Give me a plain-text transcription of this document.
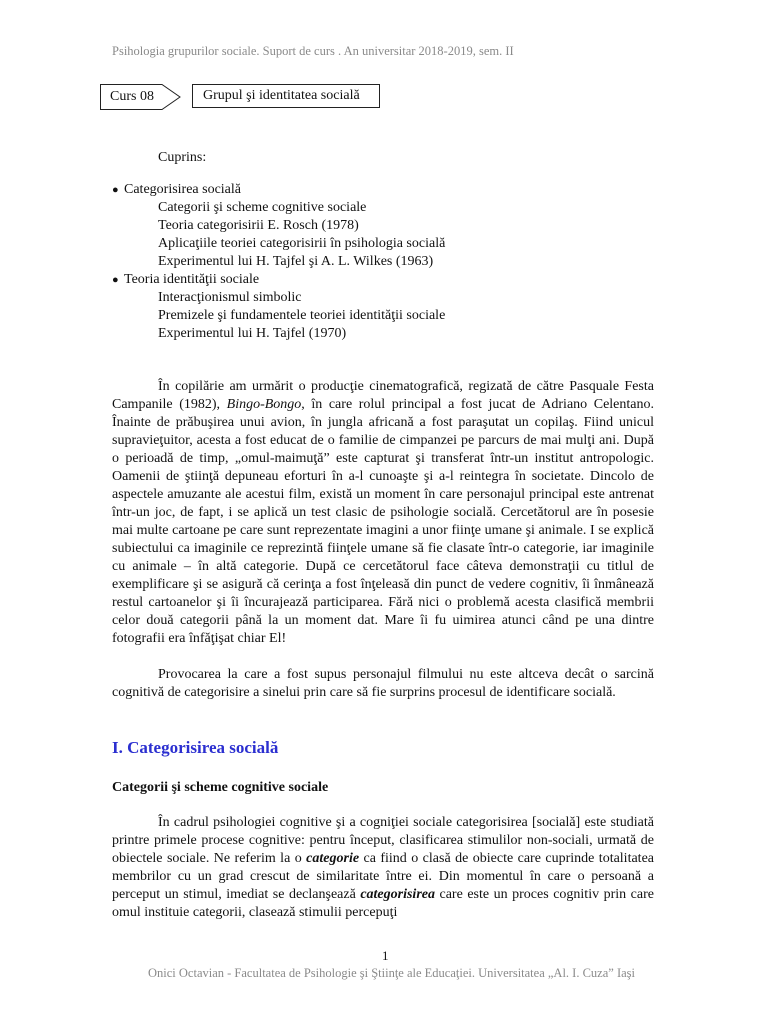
Psihologia grupurilor sociale. Suport de curs . An universitar 2018-2019, sem. II
Curs 08	Grupul şi identitatea socială
Cuprins:
● Categorisirea socială
Categorii şi scheme cognitive sociale
Teoria categorisirii E. Rosch (1978)
Aplicaţiile teoriei categorisirii în psihologia socială
Experimentul lui H. Tajfel şi A. L. Wilkes (1963)
● Teoria identităţii sociale
Interacţionismul simbolic
Premizele şi fundamentele teoriei identităţii sociale
Experimentul lui H. Tajfel (1970)

În copilărie am urmărit o producţie cinematografică, regizată de către Pasquale Festa Campanile (1982), Bingo-Bongo, în care rolul principal a fost jucat de Adriano Celentano. Înainte de prăbuşirea unui avion, în jungla africană a fost paraşutat un copilaş. Fiind unicul supravieţuitor, acesta a fost educat de o familie de cimpanzei pe parcurs de mai mulţi ani. După o perioadă de timp, „omul-maimuţă” este capturat şi transferat într-un institut antropologic. Oamenii de ştiinţă depuneau eforturi în a-l cunoaşte şi a-l reintegra în societate. Dincolo de aspectele amuzante ale acestui film, există un moment în care personajul principal este antrenat într-un joc, de fapt, i se aplică un test clasic de psihologie socială. Cercetătorul are în posesie mai multe cartoane pe care sunt reprezentate imagini a unor fiinţe umane şi animale. I se explică subiectului ca imaginile ce reprezintă fiinţele umane să fie clasate într-o categorie, iar imaginile cu animale – în altă categorie. După ce cercetătorul face câteva demonstraţii cu titlul de exemplificare şi se asigură că cerinţa a fost înţeleasă din punct de vedere cognitiv, îi înmânează restul cartoanelor şi îi încurajează participarea. Fără nici o problemă acesta clasifică membrii celor două categorii până la un moment dat. Mare îi fu uimirea atunci când pe una dintre fotografii era înfăţişat chiar El!

Provocarea la care a fost supus personajul filmului nu este altceva decât o sarcină cognitivă de categorisire a sinelui prin care să fie surprins procesul de identificare socială.

I. Categorisirea socială
Categorii şi scheme cognitive sociale

În cadrul psihologiei cognitive şi a cogniţiei sociale categorisirea [socială] este studiată printre primele procese cognitive: pentru început, clasificarea stimulilor non-sociali, urmată de obiectele sociale. Ne referim la o categorie ca fiind o clasă de obiecte care cuprinde totalitatea membrilor cu un grad crescut de similaritate între ei. Din momentul în care o persoană a perceput un stimul, imediat se declanşează categorisirea care este un proces cognitiv prin care omul instituie categorii, clasează stimulii percepuţi

1
Onici Octavian - Facultatea de Psihologie şi Ştiinţe ale Educaţiei. Universitatea „Al. I. Cuza” Iaşi
